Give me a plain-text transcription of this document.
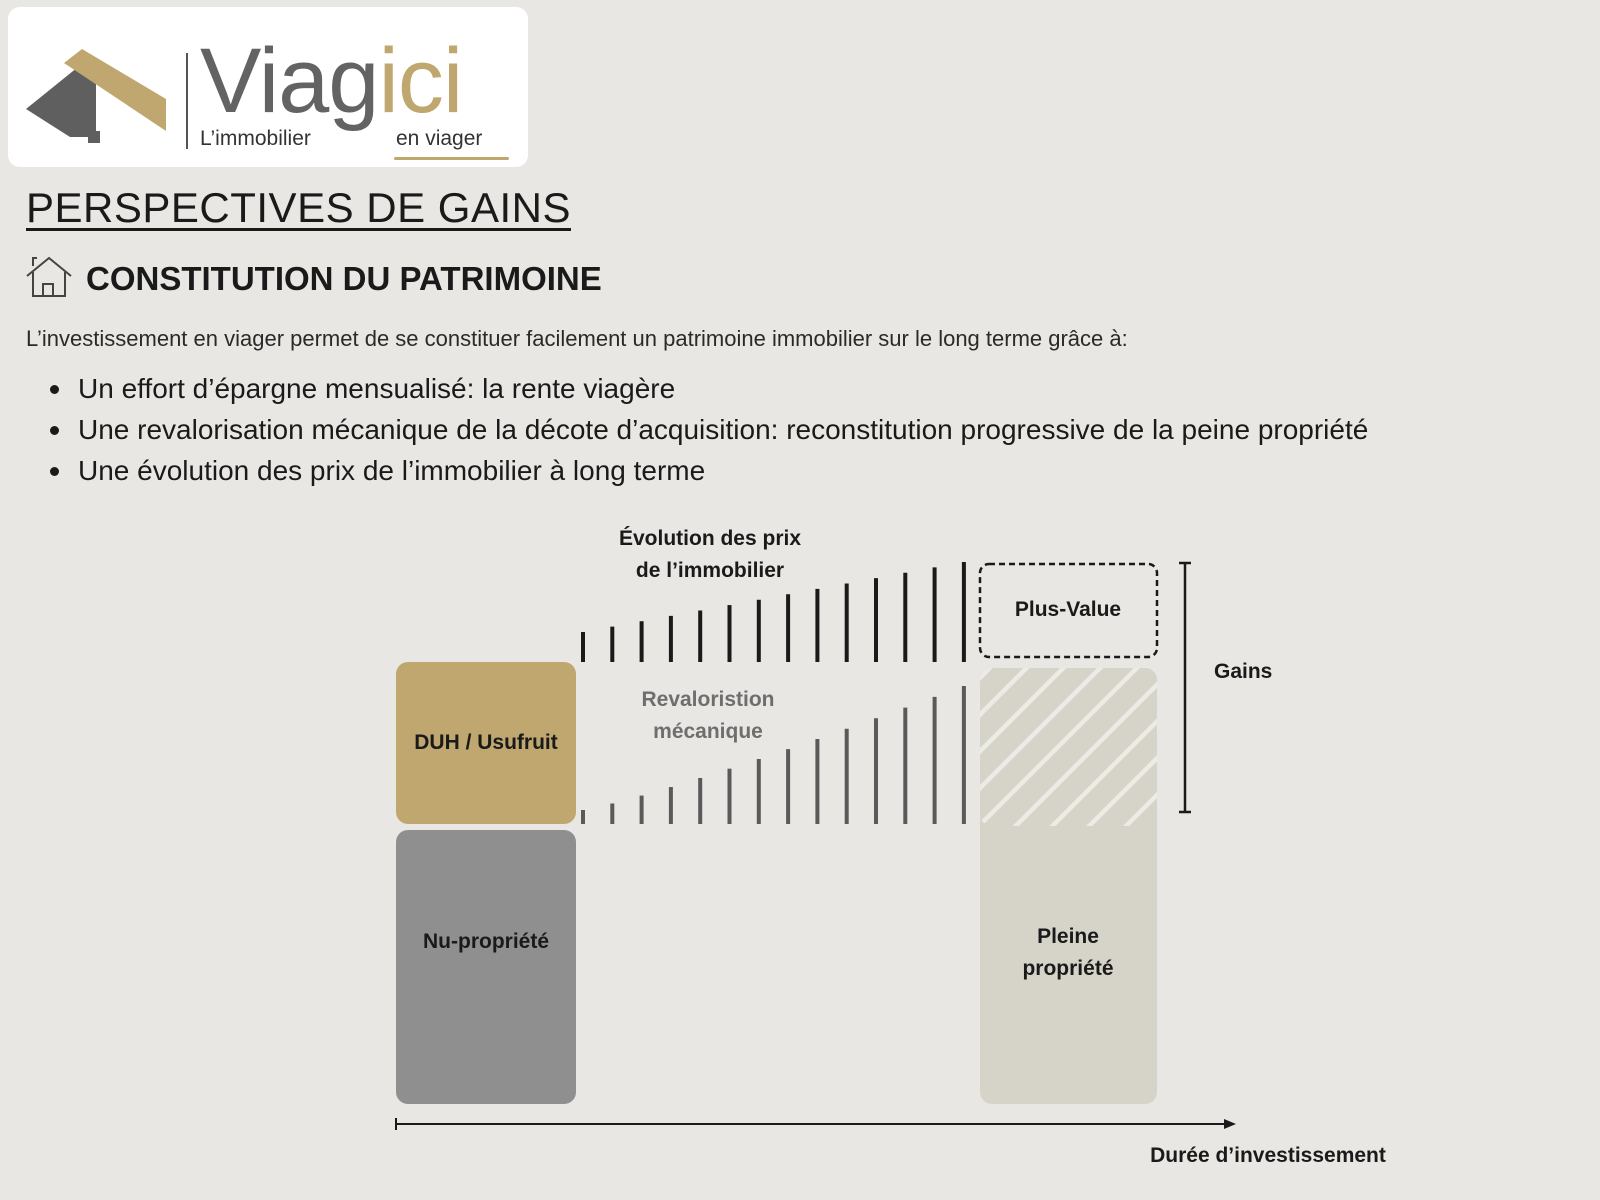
Viagici
L’immobilier	en viager
PERSPECTIVES DE GAINS
CONSTITUTION DU PATRIMOINE
L’investissement en viager permet de se constituer facilement un patrimoine immobilier sur le long terme grâce à:
Un effort d’épargne mensualisé: la rente viagère
Une revalorisation mécanique de la décote d’acquisition: reconstitution progressive de la peine propriété
Une évolution des prix de l’immobilier à long terme
DUH / Usufruit
Nu-propriété
Évolution des prix
de l’immobilier
Revaloristion
mécanique
Plus-Value
Pleine
propriété
Gains
Durée d’investissement
